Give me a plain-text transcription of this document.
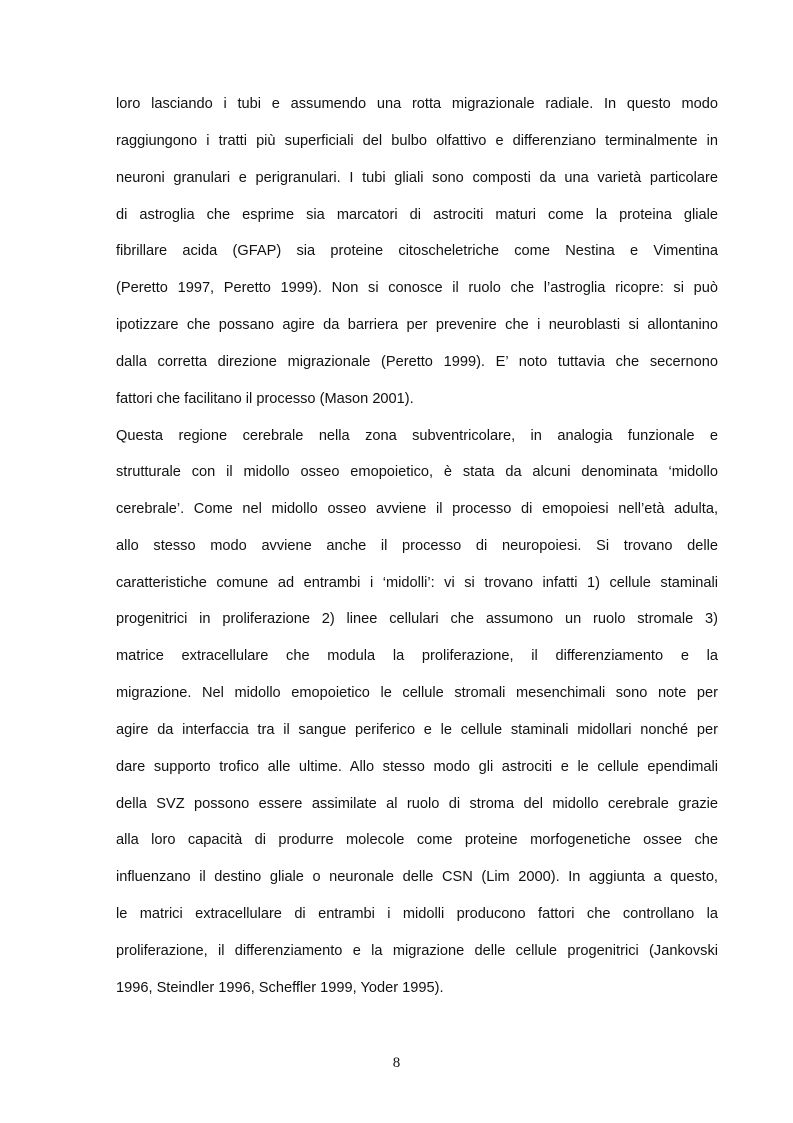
loro lasciando i tubi e assumendo una rotta migrazionale radiale. In questo modo
raggiungono i tratti più superficiali del bulbo olfattivo e differenziano terminalmente in
neuroni granulari e perigranulari. I tubi gliali sono composti da una varietà particolare
di astroglia che esprime sia marcatori di astrociti maturi come la proteina gliale
fibrillare acida (GFAP) sia proteine citoscheletriche come Nestina e Vimentina
(Peretto 1997, Peretto 1999). Non si conosce il ruolo che l’astroglia ricopre: si può
ipotizzare che possano agire da barriera per prevenire che i neuroblasti si allontanino
dalla corretta direzione migrazionale (Peretto 1999). E’ noto tuttavia che secernono
fattori che facilitano il processo (Mason 2001).
Questa regione cerebrale nella zona subventricolare, in analogia funzionale e
strutturale con il midollo osseo emopoietico, è stata da alcuni denominata ‘midollo
cerebrale’. Come nel midollo osseo avviene il processo di emopoiesi nell’età adulta,
allo stesso modo avviene anche il processo di neuropoiesi. Si trovano delle
caratteristiche comune ad entrambi i ‘midolli’: vi si trovano infatti 1) cellule staminali
progenitrici in proliferazione 2) linee cellulari che assumono un ruolo stromale 3)
matrice extracellulare che modula la proliferazione, il differenziamento e la
migrazione. Nel midollo emopoietico le cellule stromali mesenchimali sono note per
agire da interfaccia tra il sangue periferico e le cellule staminali midollari nonché per
dare supporto trofico alle ultime. Allo stesso modo gli astrociti e le cellule ependimali
della SVZ possono essere assimilate al ruolo di stroma del midollo cerebrale grazie
alla loro capacità di produrre molecole come proteine morfogenetiche ossee che
influenzano il destino gliale o neuronale delle CSN (Lim 2000). In aggiunta a questo,
le matrici extracellulare di entrambi i midolli producono fattori che controllano la
proliferazione, il differenziamento e la migrazione delle cellule progenitrici (Jankovski
1996, Steindler 1996, Scheffler 1999, Yoder 1995).
8
